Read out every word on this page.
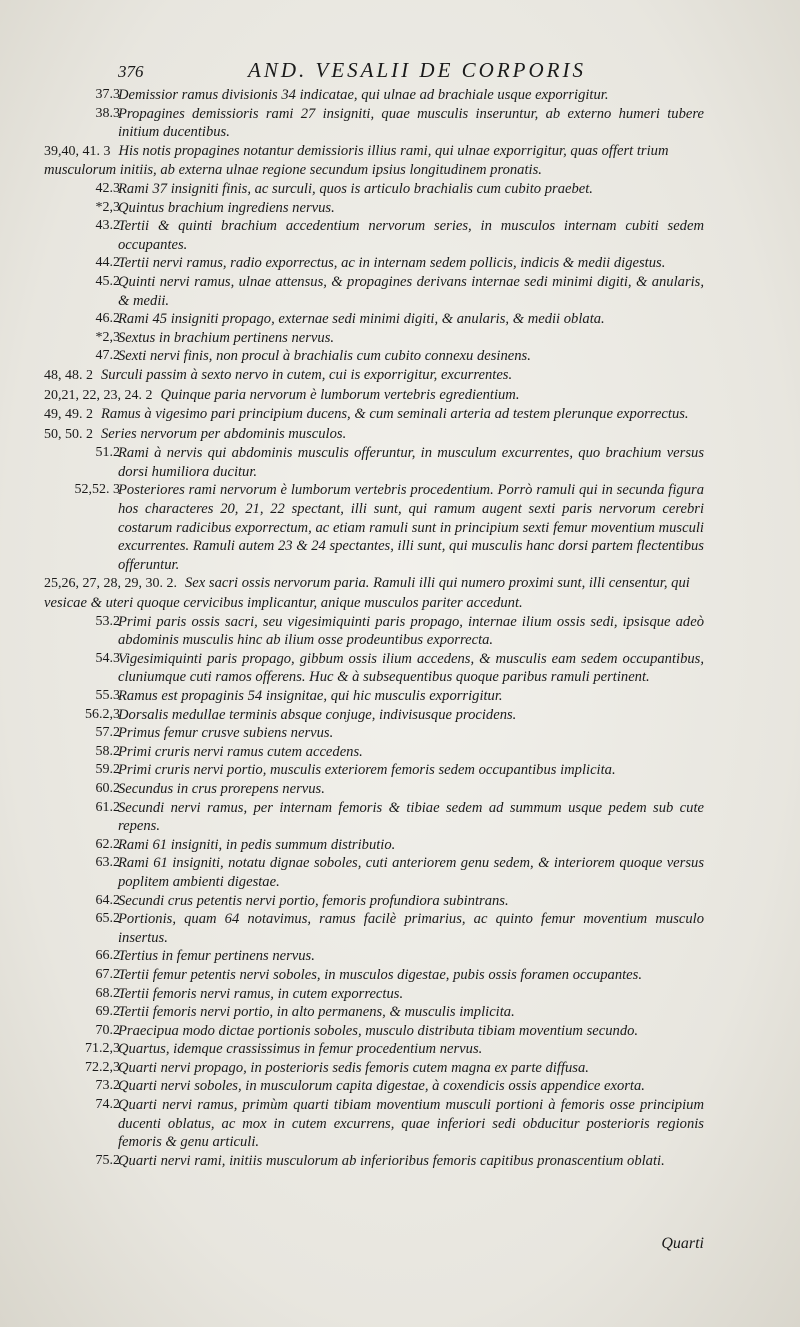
376	AND. VESALII DE CORPORIS

37.3
Demissior ramus divisionis 34 indicatae, qui ulnae ad brachiale usque exporrigitur.

38.3
Propagines demissioris rami 27 insigniti, quae musculis inseruntur, ab externo humeri tubere initium ducentibus.

39,40, 41. 3 His notis propagines notantur demissioris illius rami, qui ulnae exporrigitur, quas offert trium musculorum initiis, ab externa ulnae regione secundum ipsius longitudinem pronatis.

42.3
Rami 37 insigniti finis, ac surculi, quos is articulo brachialis cum cubito praebet.

*2,3
Quintus brachium ingrediens nervus.

43.2
Tertii & quinti brachium accedentium nervorum series, in musculos internam cubiti sedem occupantes.

44.2
Tertii nervi ramus, radio exporrectus, ac in internam sedem pollicis, indicis & medii digestus.

45.2
Quinti nervi ramus, ulnae attensus, & propagines derivans internae sedi minimi digiti, & anularis, & medii.

46.2
Rami 45 insigniti propago, externae sedi minimi digiti, & anularis, & medii oblata.

*2,3
Sextus in brachium pertinens nervus.

47.2
Sexti nervi finis, non procul à brachialis cum cubito connexu desinens.

48, 48. 2 Surculi passim à sexto nervo in cutem, cui is exporrigitur, excurrentes.

20,21, 22, 23, 24. 2 Quinque paria nervorum è lumborum vertebris egredientium.

49, 49. 2 Ramus à vigesimo pari principium ducens, & cum seminali arteria ad testem plerunque exporrectus.

50, 50. 2 Series nervorum per abdominis musculos.

51.2
Rami à nervis qui abdominis musculis offeruntur, in musculum excurrentes, quo brachium versus dorsi humiliora ducitur.

52,52. 3
Posteriores rami nervorum è lumborum vertebris procedentium. Porrò ramuli qui in secunda figura hos characteres 20, 21, 22 spectant, illi sunt, qui ramum augent sexti paris nervorum cerebri costarum radicibus exporrectum, ac etiam ramuli sunt in principium sexti femur moventium musculi excurrentes. Ramuli autem 23 & 24 spectantes, illi sunt, qui musculis hanc dorsi partem flectentibus offeruntur.

25,26, 27, 28, 29, 30. 2. Sex sacri ossis nervorum paria. Ramuli illi qui numero proximi sunt, illi censentur, qui vesicae & uteri quoque cervicibus implicantur, anique musculos pariter accedunt.

53.2
Primi paris ossis sacri, seu vigesimiquinti paris propago, internae ilium ossis sedi, ipsisque adeò abdominis musculis hinc ab ilium osse prodeuntibus exporrecta.

54.3
Vigesimiquinti paris propago, gibbum ossis ilium accedens, & musculis eam sedem occupantibus, cluniumque cuti ramos offerens. Huc & à subsequentibus quoque paribus ramuli pertinent.

55.3
Ramus est propaginis 54 insignitae, qui hic musculis exporrigitur.

56.2,3
Dorsalis medullae terminis absque conjuge, indivisusque procidens.

57.2
Primus femur crusve subiens nervus.

58.2
Primi cruris nervi ramus cutem accedens.

59.2
Primi cruris nervi portio, musculis exteriorem femoris sedem occupantibus implicita.

60.2
Secundus in crus prorepens nervus.

61.2
Secundi nervi ramus, per internam femoris & tibiae sedem ad summum usque pedem sub cute repens.

62.2
Rami 61 insigniti, in pedis summum distributio.

63.2
Rami 61 insigniti, notatu dignae soboles, cuti anteriorem genu sedem, & interiorem quoque versus poplitem ambienti digestae.

64.2
Secundi crus petentis nervi portio, femoris profundiora subintrans.

65.2
Portionis, quam 64 notavimus, ramus facilè primarius, ac quinto femur moventium musculo insertus.

66.2
Tertius in femur pertinens nervus.

67.2
Tertii femur petentis nervi soboles, in musculos digestae, pubis ossis foramen occupantes.

68.2
Tertii femoris nervi ramus, in cutem exporrectus.

69.2
Tertii femoris nervi portio, in alto permanens, & musculis implicita.

70.2
Praecipua modo dictae portionis soboles, musculo distributa tibiam moventium secundo.

71.2,3
Quartus, idemque crassissimus in femur procedentium nervus.

72.2,3
Quarti nervi propago, in posterioris sedis femoris cutem magna ex parte diffusa.

73.2
Quarti nervi soboles, in musculorum capita digestae, à coxendicis ossis appendice exorta.

74.2
Quarti nervi ramus, primùm quarti tibiam moventium musculi portioni à femoris osse principium ducenti oblatus, ac mox in cutem excurrens, quae inferiori sedi obducitur posterioris regionis femoris & genu articuli.

75.2
Quarti nervi rami, initiis musculorum ab inferioribus femoris capitibus pronascentium oblati.

Quarti
